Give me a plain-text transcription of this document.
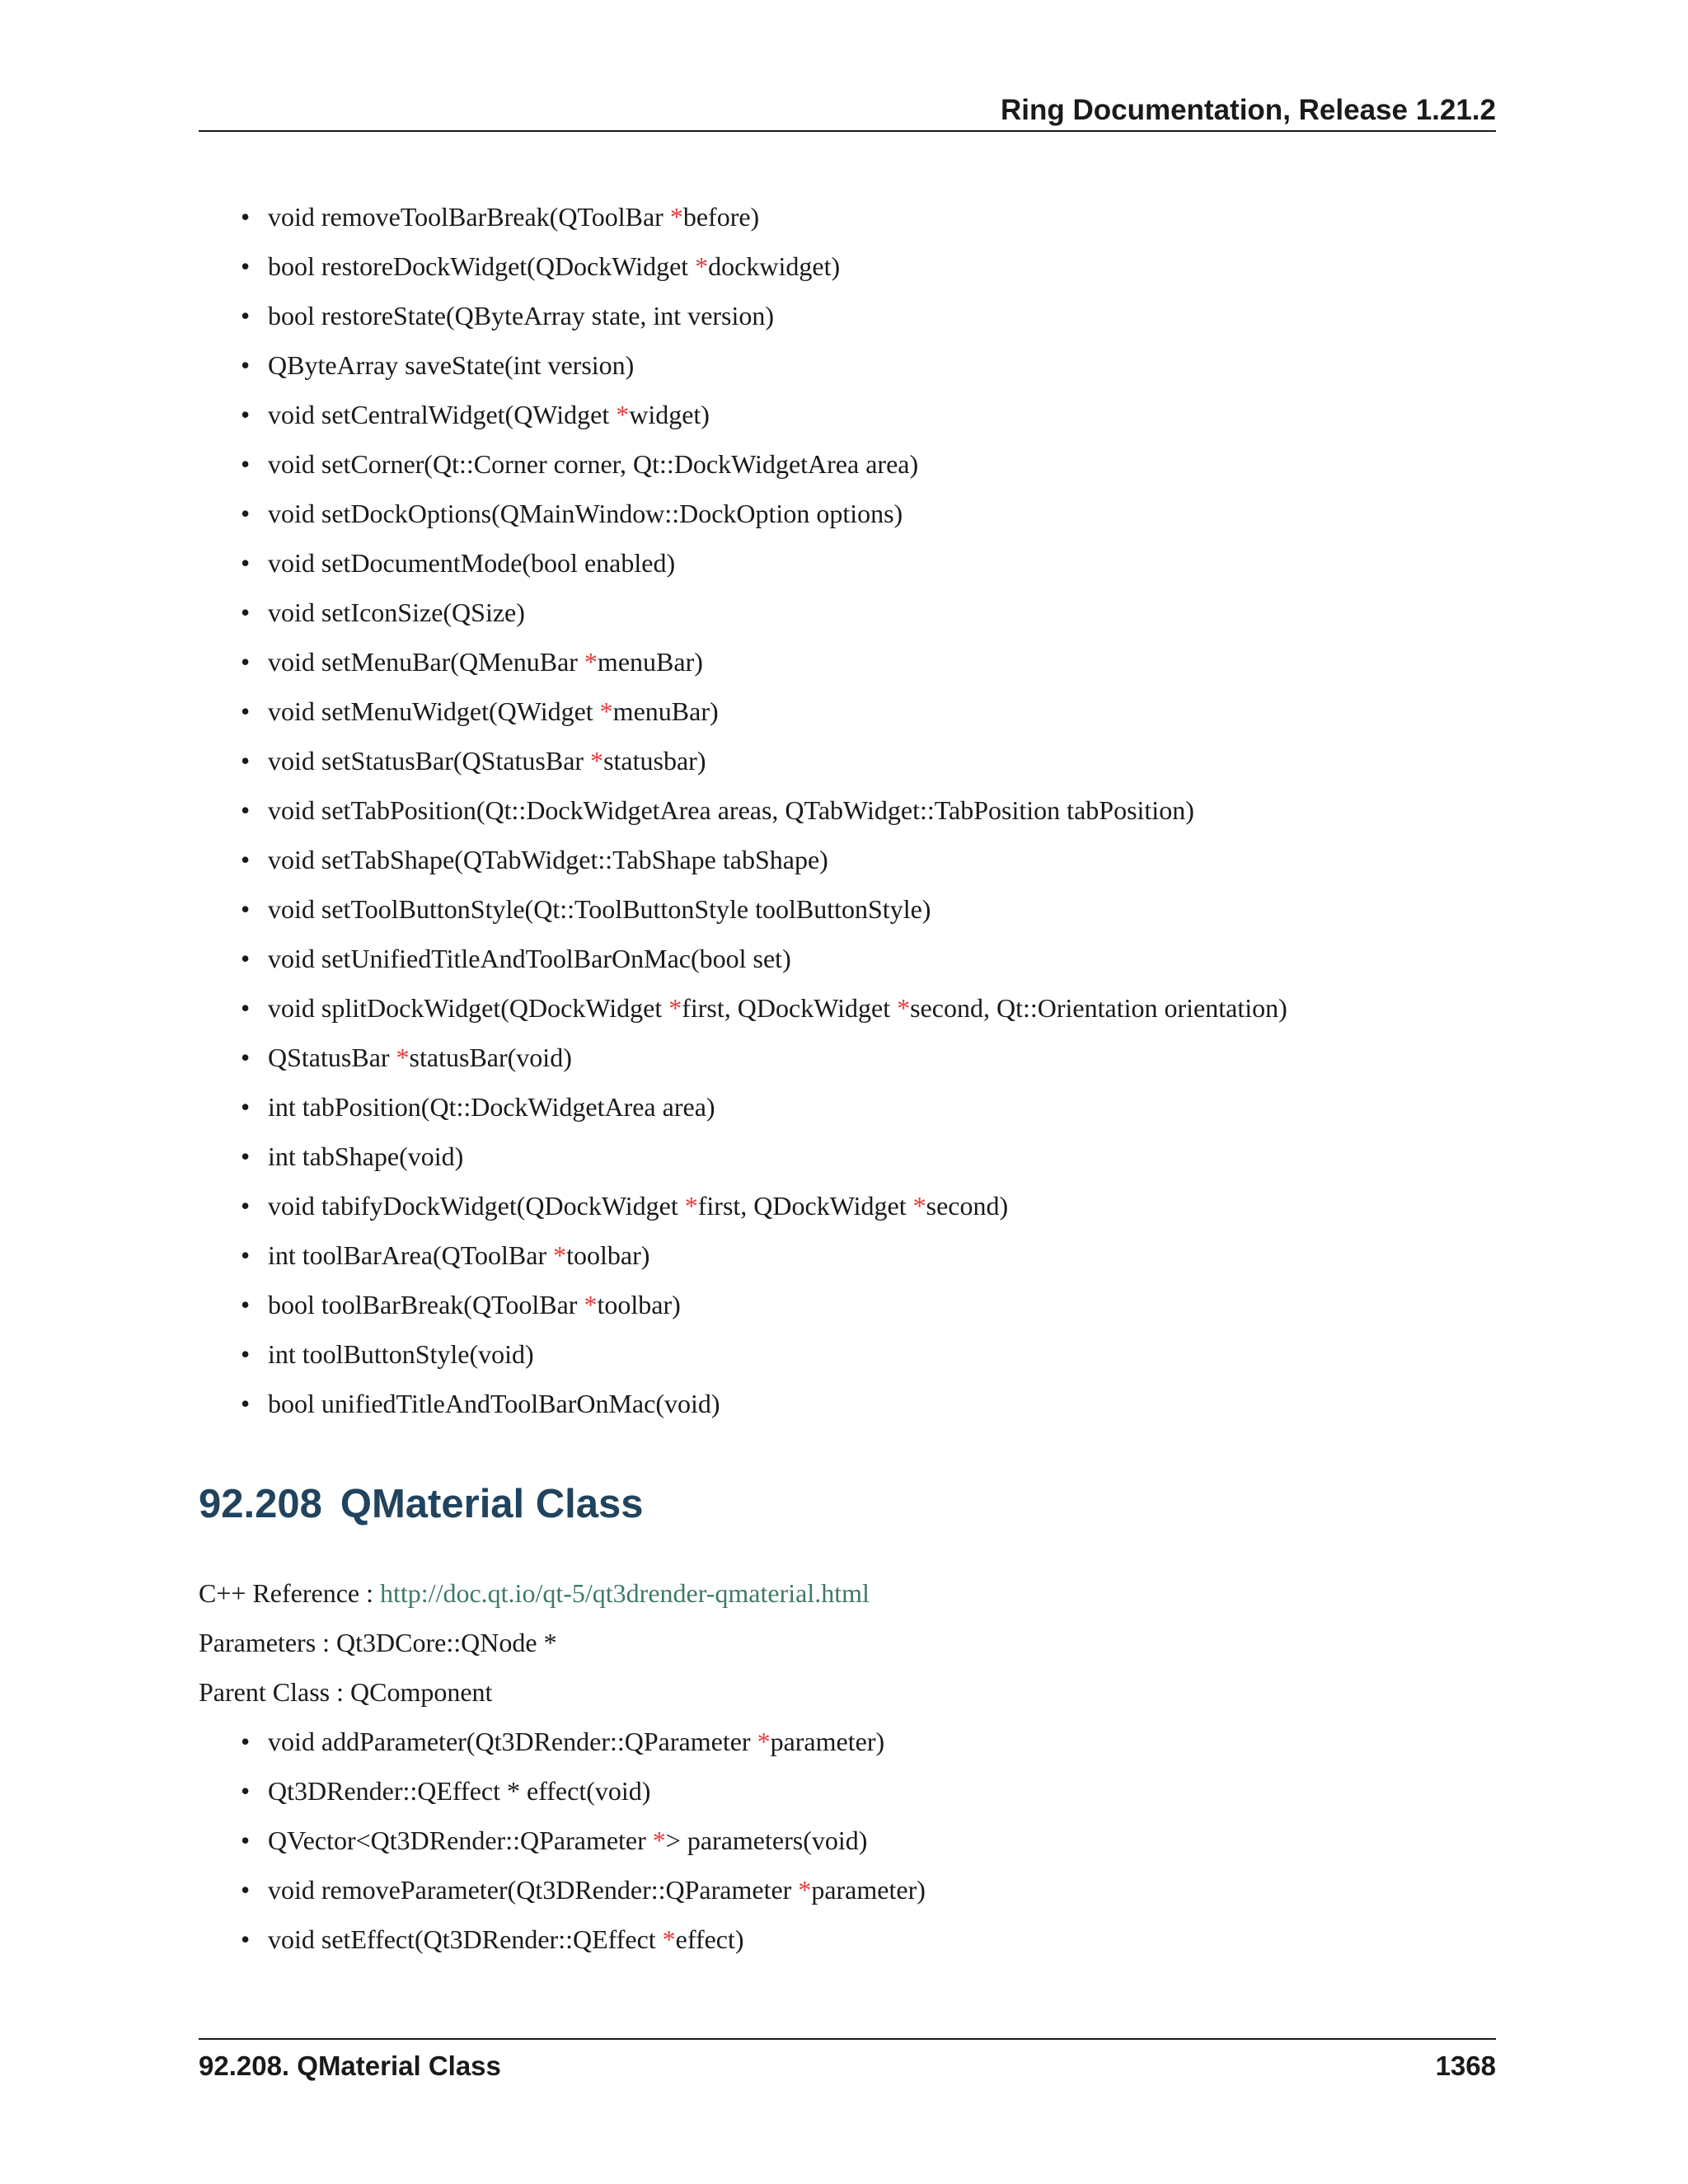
Ring Documentation, Release 1.21.2
• void removeToolBarBreak(QToolBar *before)
• bool restoreDockWidget(QDockWidget *dockwidget)
• bool restoreState(QByteArray state, int version)
• QByteArray saveState(int version)
• void setCentralWidget(QWidget *widget)
• void setCorner(Qt::Corner corner, Qt::DockWidgetArea area)
• void setDockOptions(QMainWindow::DockOption options)
• void setDocumentMode(bool enabled)
• void setIconSize(QSize)
• void setMenuBar(QMenuBar *menuBar)
• void setMenuWidget(QWidget *menuBar)
• void setStatusBar(QStatusBar *statusbar)
• void setTabPosition(Qt::DockWidgetArea areas, QTabWidget::TabPosition tabPosition)
• void setTabShape(QTabWidget::TabShape tabShape)
• void setToolButtonStyle(Qt::ToolButtonStyle toolButtonStyle)
• void setUnifiedTitleAndToolBarOnMac(bool set)
• void splitDockWidget(QDockWidget *first, QDockWidget *second, Qt::Orientation orientation)
• QStatusBar *statusBar(void)
• int tabPosition(Qt::DockWidgetArea area)
• int tabShape(void)
• void tabifyDockWidget(QDockWidget *first, QDockWidget *second)
• int toolBarArea(QToolBar *toolbar)
• bool toolBarBreak(QToolBar *toolbar)
• int toolButtonStyle(void)
• bool unifiedTitleAndToolBarOnMac(void)
92.208 QMaterial Class
C++ Reference : http://doc.qt.io/qt-5/qt3drender-qmaterial.html
Parameters : Qt3DCore::QNode *
Parent Class : QComponent
• void addParameter(Qt3DRender::QParameter *parameter)
• Qt3DRender::QEffect * effect(void)
• QVector<Qt3DRender::QParameter *> parameters(void)
• void removeParameter(Qt3DRender::QParameter *parameter)
• void setEffect(Qt3DRender::QEffect *effect)
92.208. QMaterial Class	1368
